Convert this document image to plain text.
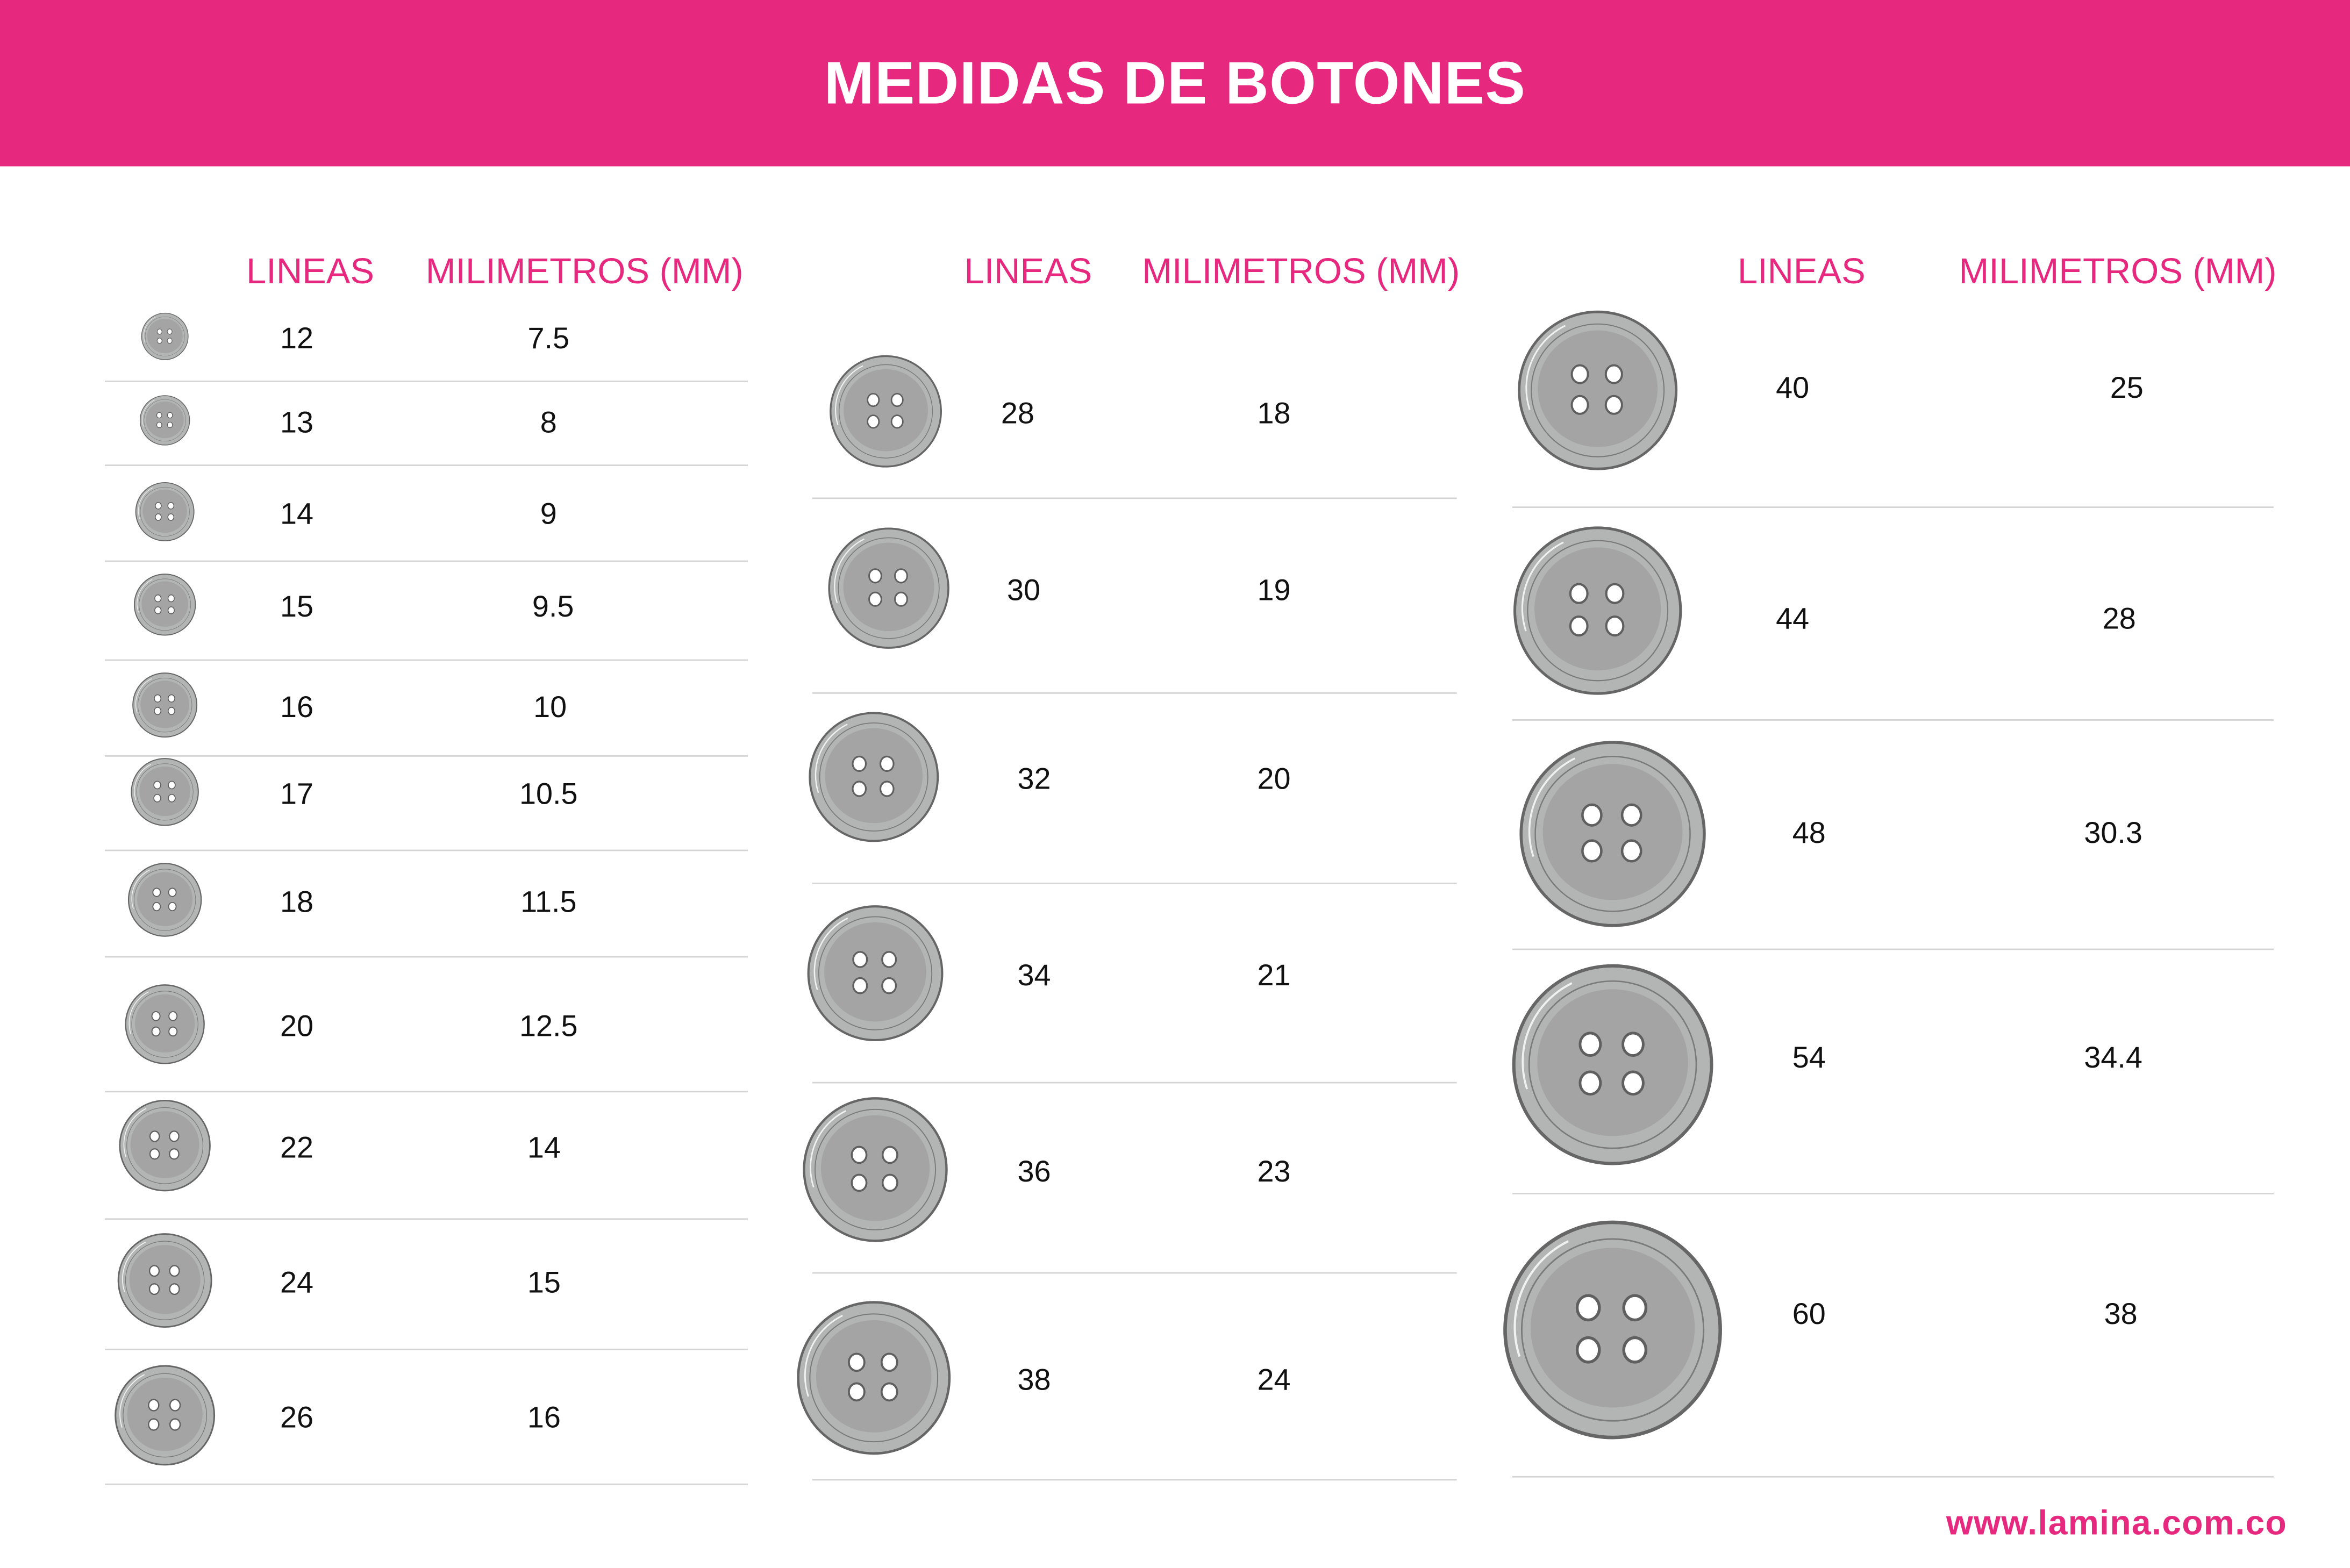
MEDIDAS DE BOTONES
LINEAS	MILIMETROS (MM)
12	7.5
13	8
14	9
15	9.5
16	10
17	10.5
18	11.5
20	12.5
22	14
24	15
26	16
LINEAS	MILIMETROS (MM)
28	18
30	19
32	20
34	21
36	23
38	24
LINEAS	MILIMETROS (MM)
40	25
44	28
48	30.3
54	34.4
60	38
www.lamina.com.co
